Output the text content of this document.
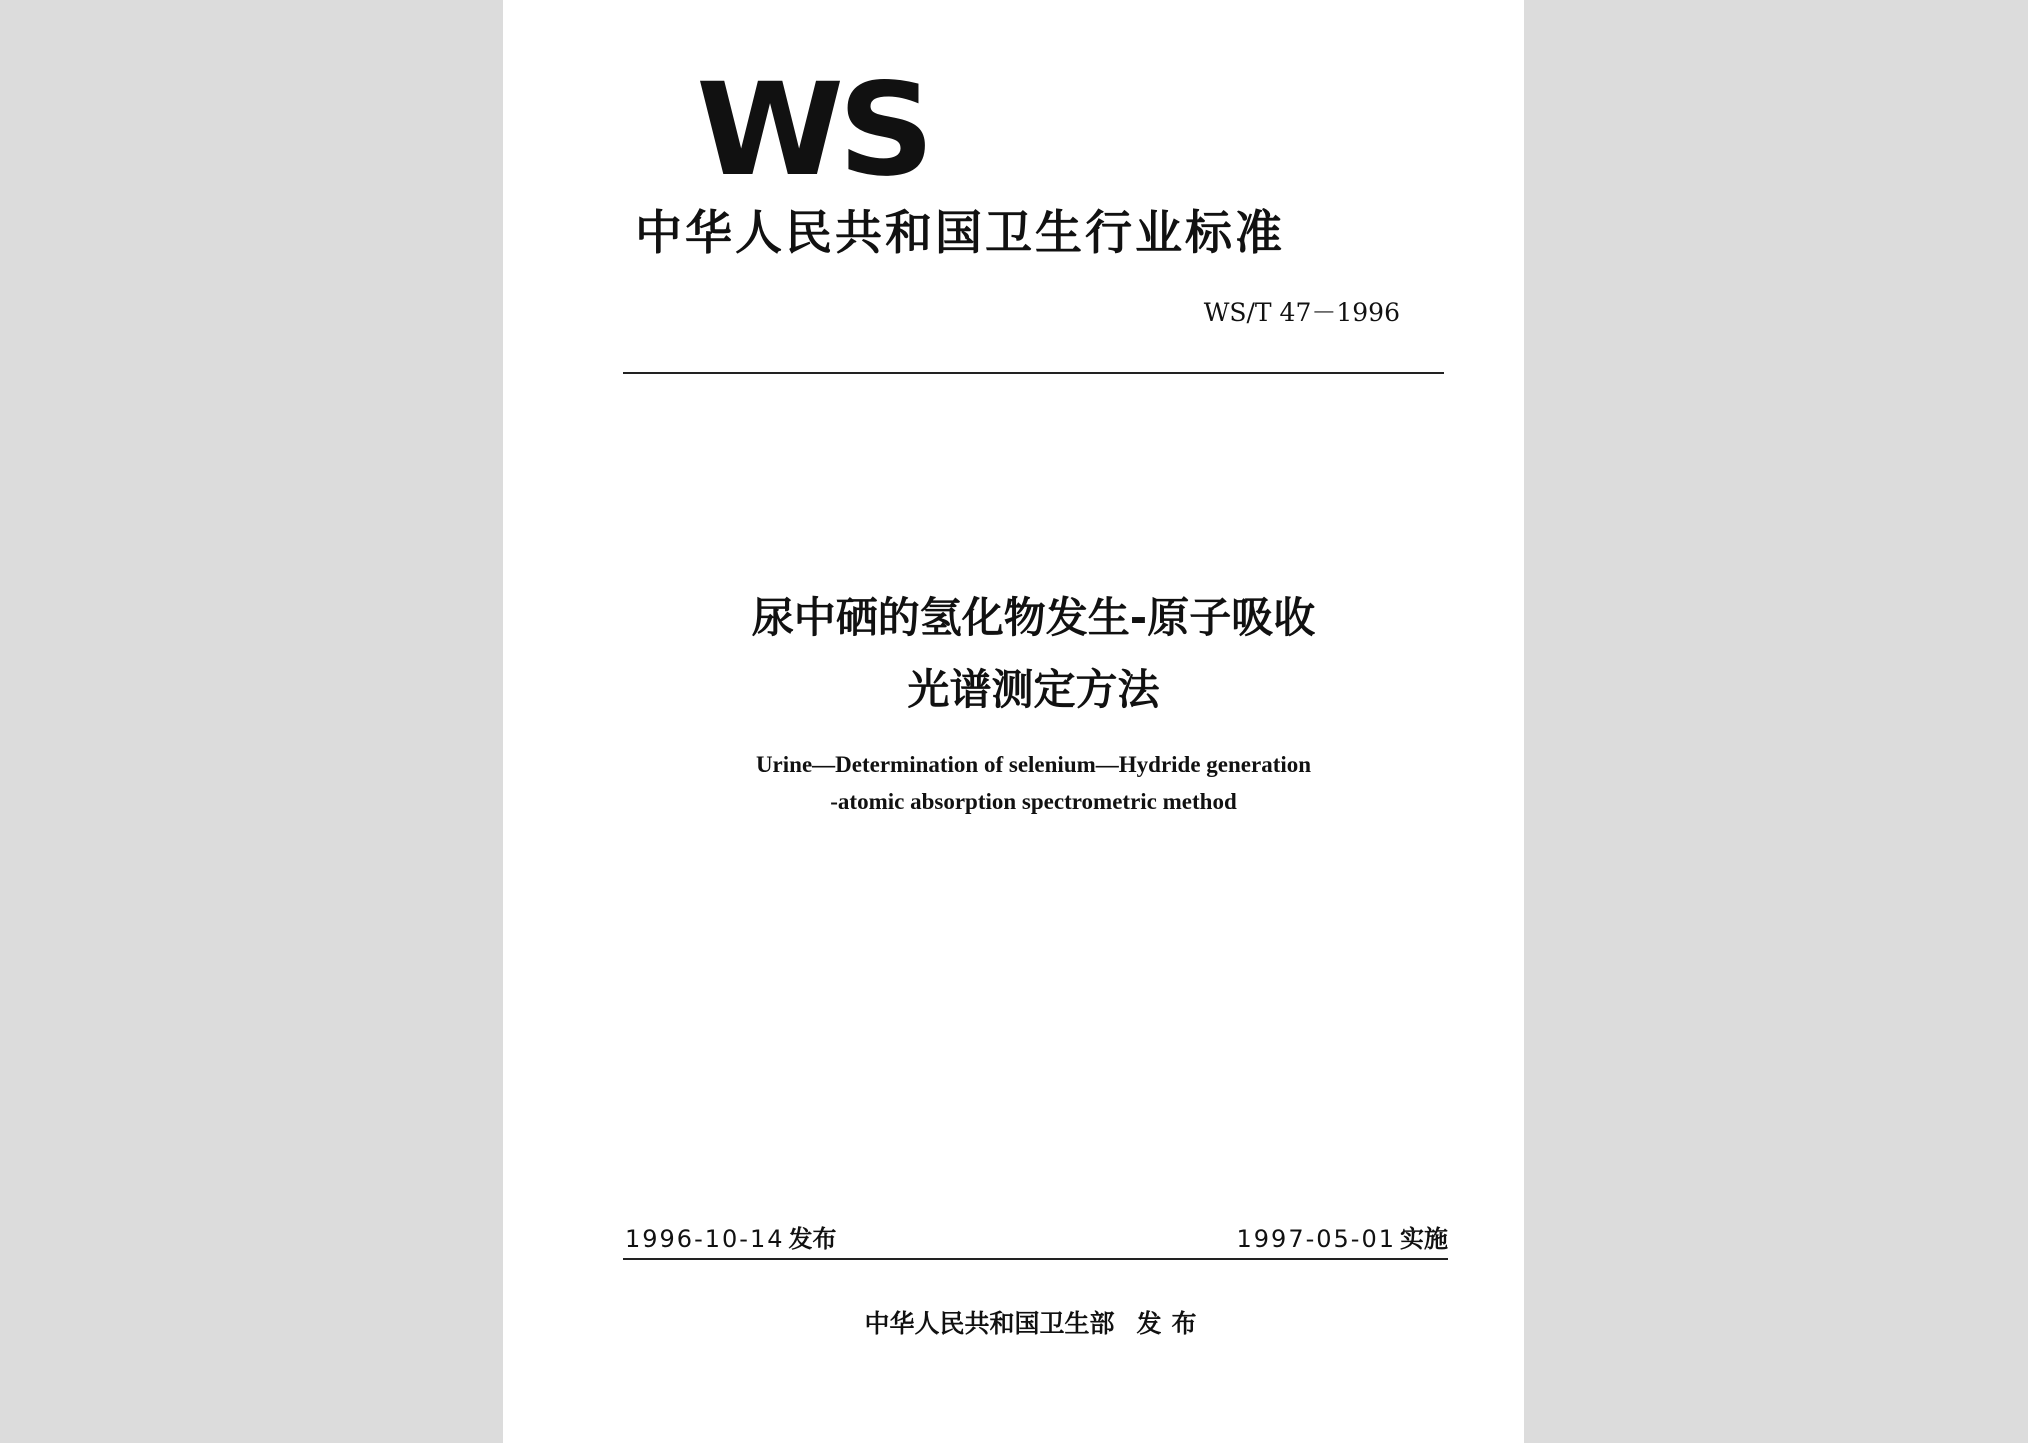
WS
中华人民共和国卫生行业标准
WS/T 47－1996
尿中硒的氢化物发生-原子吸收
光谱测定方法
Urine—Determination of selenium—Hydride generation
-atomic absorption spectrometric method
1996-10-14 发布	1997-05-01 实施
中华人民共和国卫生部 发布
